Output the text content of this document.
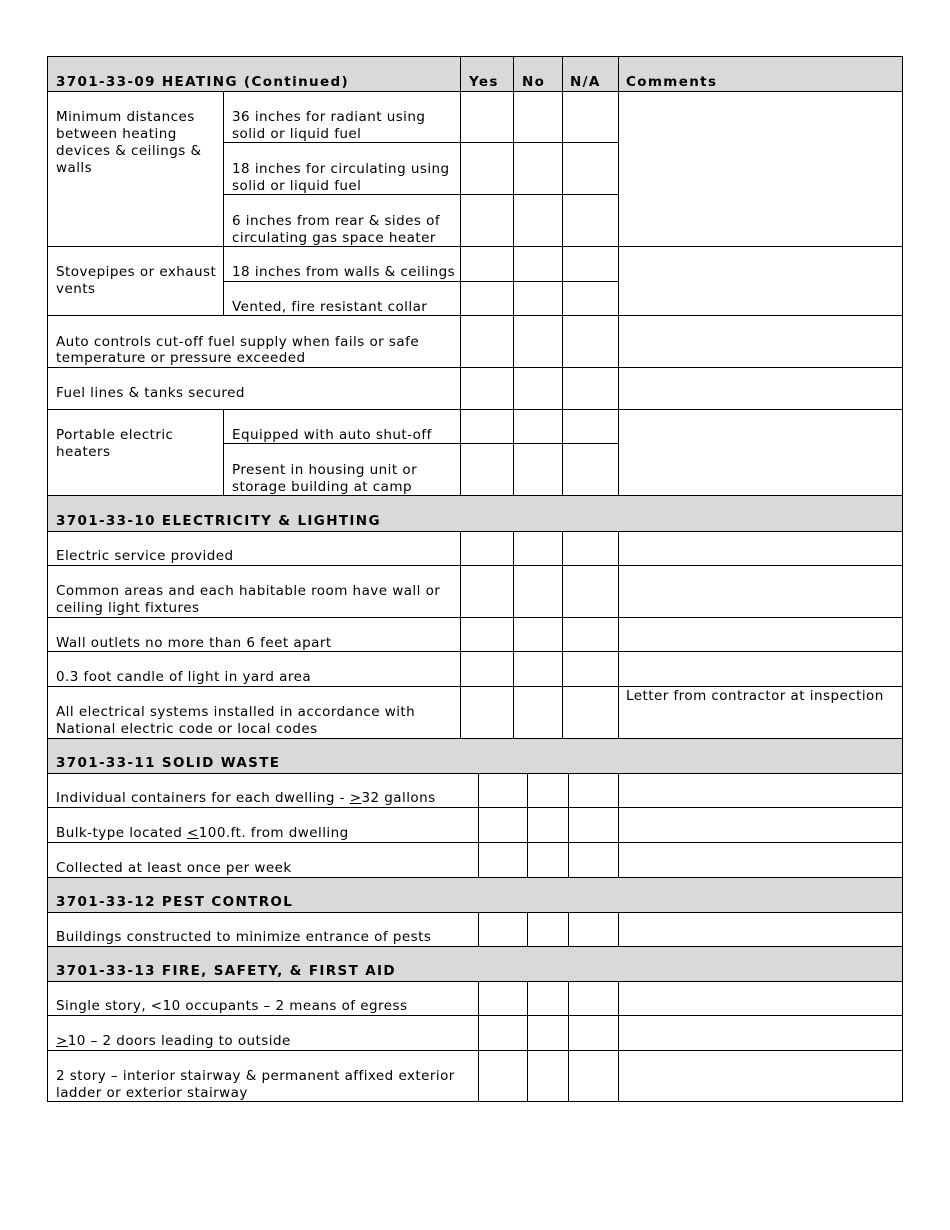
3701-33-09 HEATING (Continued)	Yes No N/A Comments
Minimum distances
between heating
devices & ceilings &
walls
36 inches for radiant using
solid or liquid fuel
18 inches for circulating using
solid or liquid fuel
6 inches from rear & sides of
circulating gas space heater
Stovepipes or exhaust
vents
18 inches from walls & ceilings
Vented, fire resistant collar
Auto controls cut-off fuel supply when fails or safe
temperature or pressure exceeded
Fuel lines & tanks secured
Portable electric
heaters
Equipped with auto shut-off
Present in housing unit or
storage building at camp
3701-33-10 ELECTRICITY & LIGHTING
Electric service provided
Common areas and each habitable room have wall or
ceiling light fixtures
Wall outlets no more than 6 feet apart
0.3 foot candle of light in yard area
All electrical systems installed in accordance with
National electric code or local codes
Letter from contractor at inspection
3701-33-11 SOLID WASTE
Individual containers for each dwelling - ≥32 gallons
Bulk-type located ≤100.ft. from dwelling
Collected at least once per week
3701-33-12 PEST CONTROL
Buildings constructed to minimize entrance of pests
3701-33-13 FIRE, SAFETY, & FIRST AID
Single story, <10 occupants – 2 means of egress
≥10 – 2 doors leading to outside
2 story – interior stairway & permanent affixed exterior
ladder or exterior stairway
